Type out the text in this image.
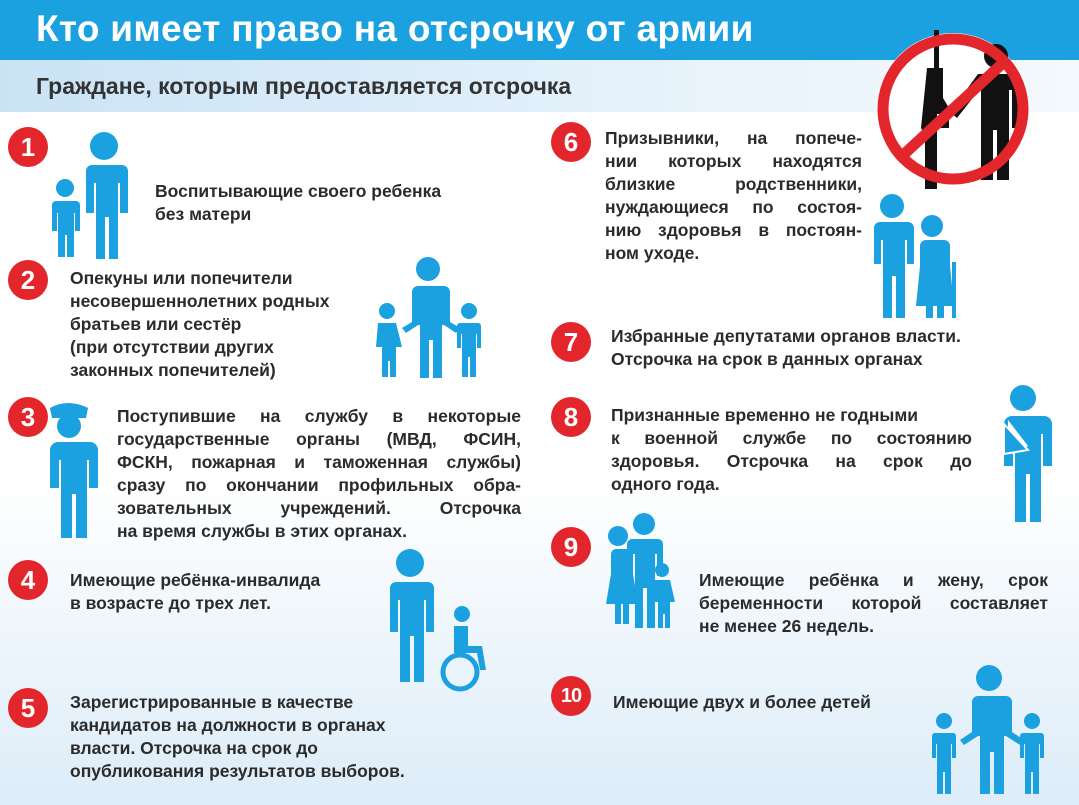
Кто имеет право на отсрочку от армии
Граждане, которым предоставляется отсрочка
1
Воспитывающие своего ребенка
без матери
2	Опекуны или попечители
несовершеннолетних родных
братьев или сестёр
(при отсутствии других
законных попечителей)
3	Поступившие на службу в некоторые
государственные органы (МВД, ФСИН,
ФСКН, пожарная и таможенная службы)
сразу по окончании профильных обра-
зовательных учреждений. Отсрочка
на время службы в этих органах.
4	Имеющие ребёнка-инвалида
в возрасте до трех лет.
5	Зарегистрированные в качестве
кандидатов на должности в органах
власти. Отсрочка на срок до
опубликования результатов выборов.
6	Призывники, на попече-
нии которых находятся
близкие родственники,
нуждающиеся по состоя-
нию здоровья в постоян-
ном уходе.
7	Избранные депутатами органов власти.
Отсрочка на срок в данных органах
8	Признанные временно не годными
к военной службе по состоянию
здоровья. Отсрочка на срок до
одного года.
9
Имеющие ребёнка и жену, срок
беременности которой составляет
не менее 26 недель.
10	Имеющие двух и более детей
